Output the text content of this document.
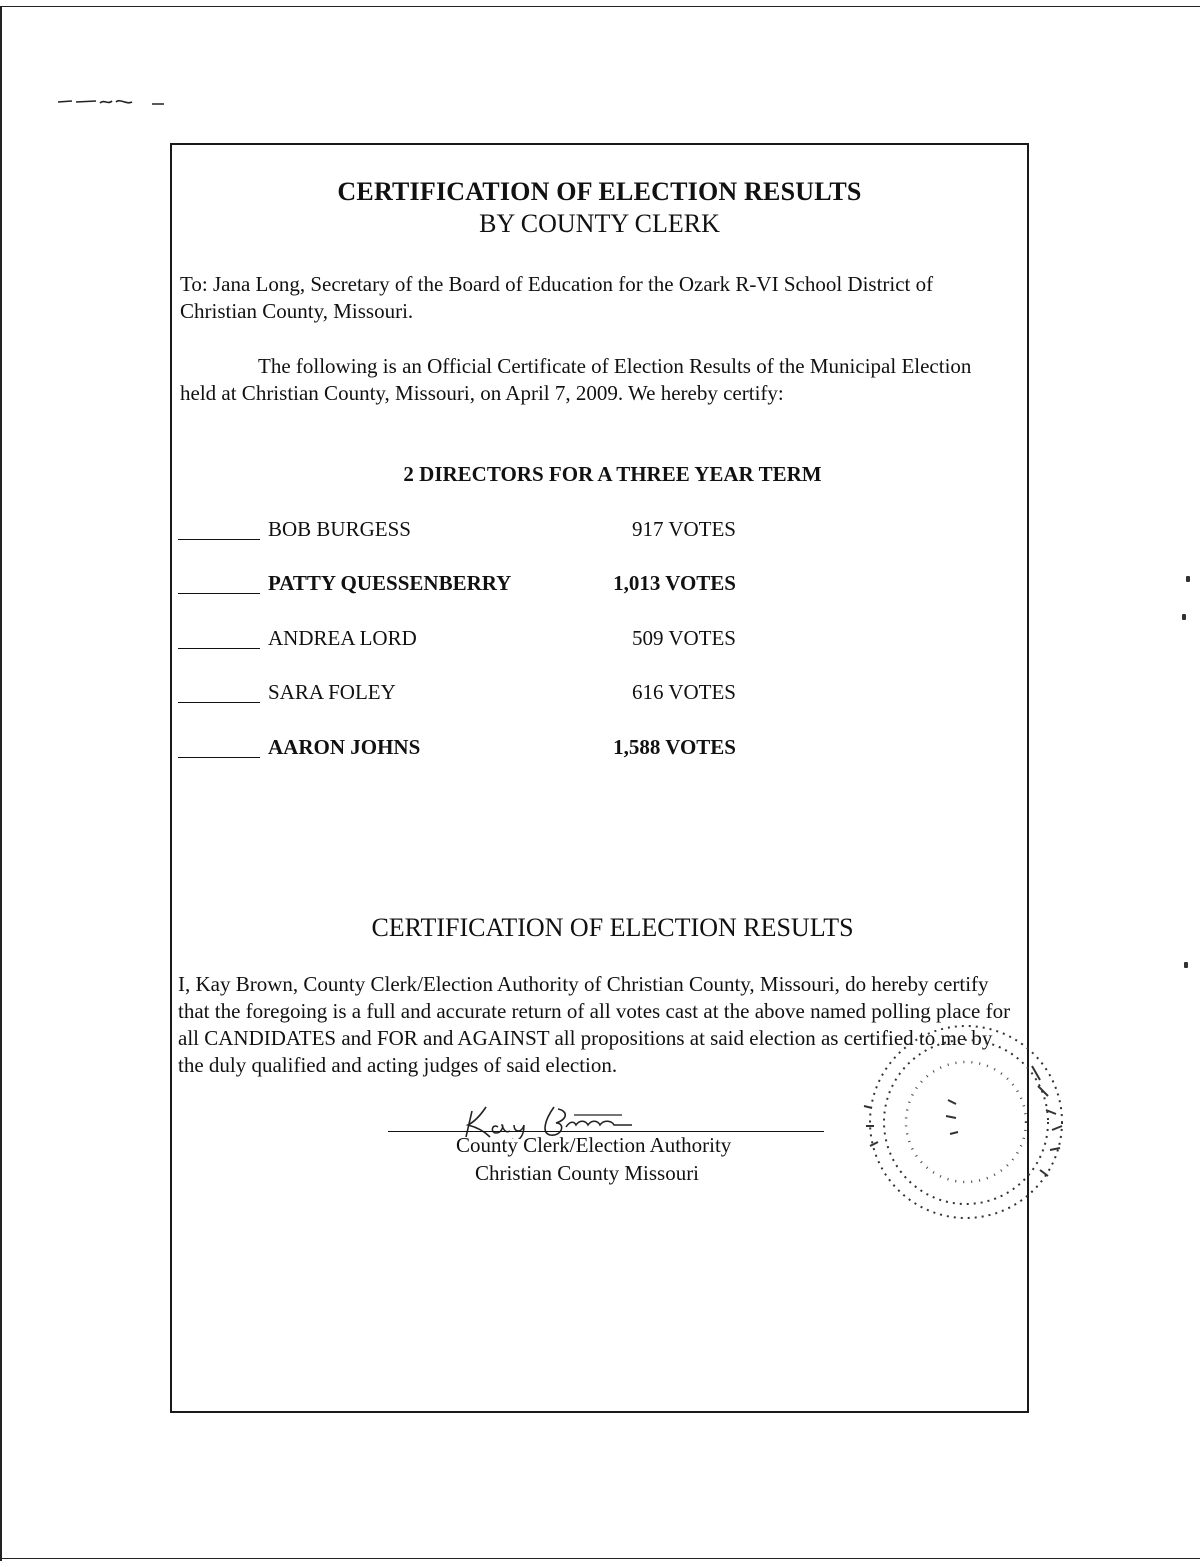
CERTIFICATION OF ELECTION RESULTS
BY COUNTY CLERK
To: Jana Long, Secretary of the Board of Education for the Ozark R-VI School District of Christian County, Missouri.
The following is an Official Certificate of Election Results of the Municipal Election held at Christian County, Missouri, on April 7, 2009. We hereby certify:
2 DIRECTORS FOR A THREE YEAR TERM
BOB BURGESS	917 VOTES
PATTY QUESSENBERRY	1,013 VOTES
ANDREA LORD	509 VOTES
SARA FOLEY	616 VOTES
AARON JOHNS	1,588 VOTES
CERTIFICATION OF ELECTION RESULTS
I, Kay Brown, County Clerk/Election Authority of Christian County, Missouri, do hereby certify that the foregoing is a full and accurate return of all votes cast at the above named polling place for all CANDIDATES and FOR and AGAINST all propositions at said election as certified to me by the duly qualified and acting judges of said election.
County Clerk/Election Authority
Christian County Missouri
